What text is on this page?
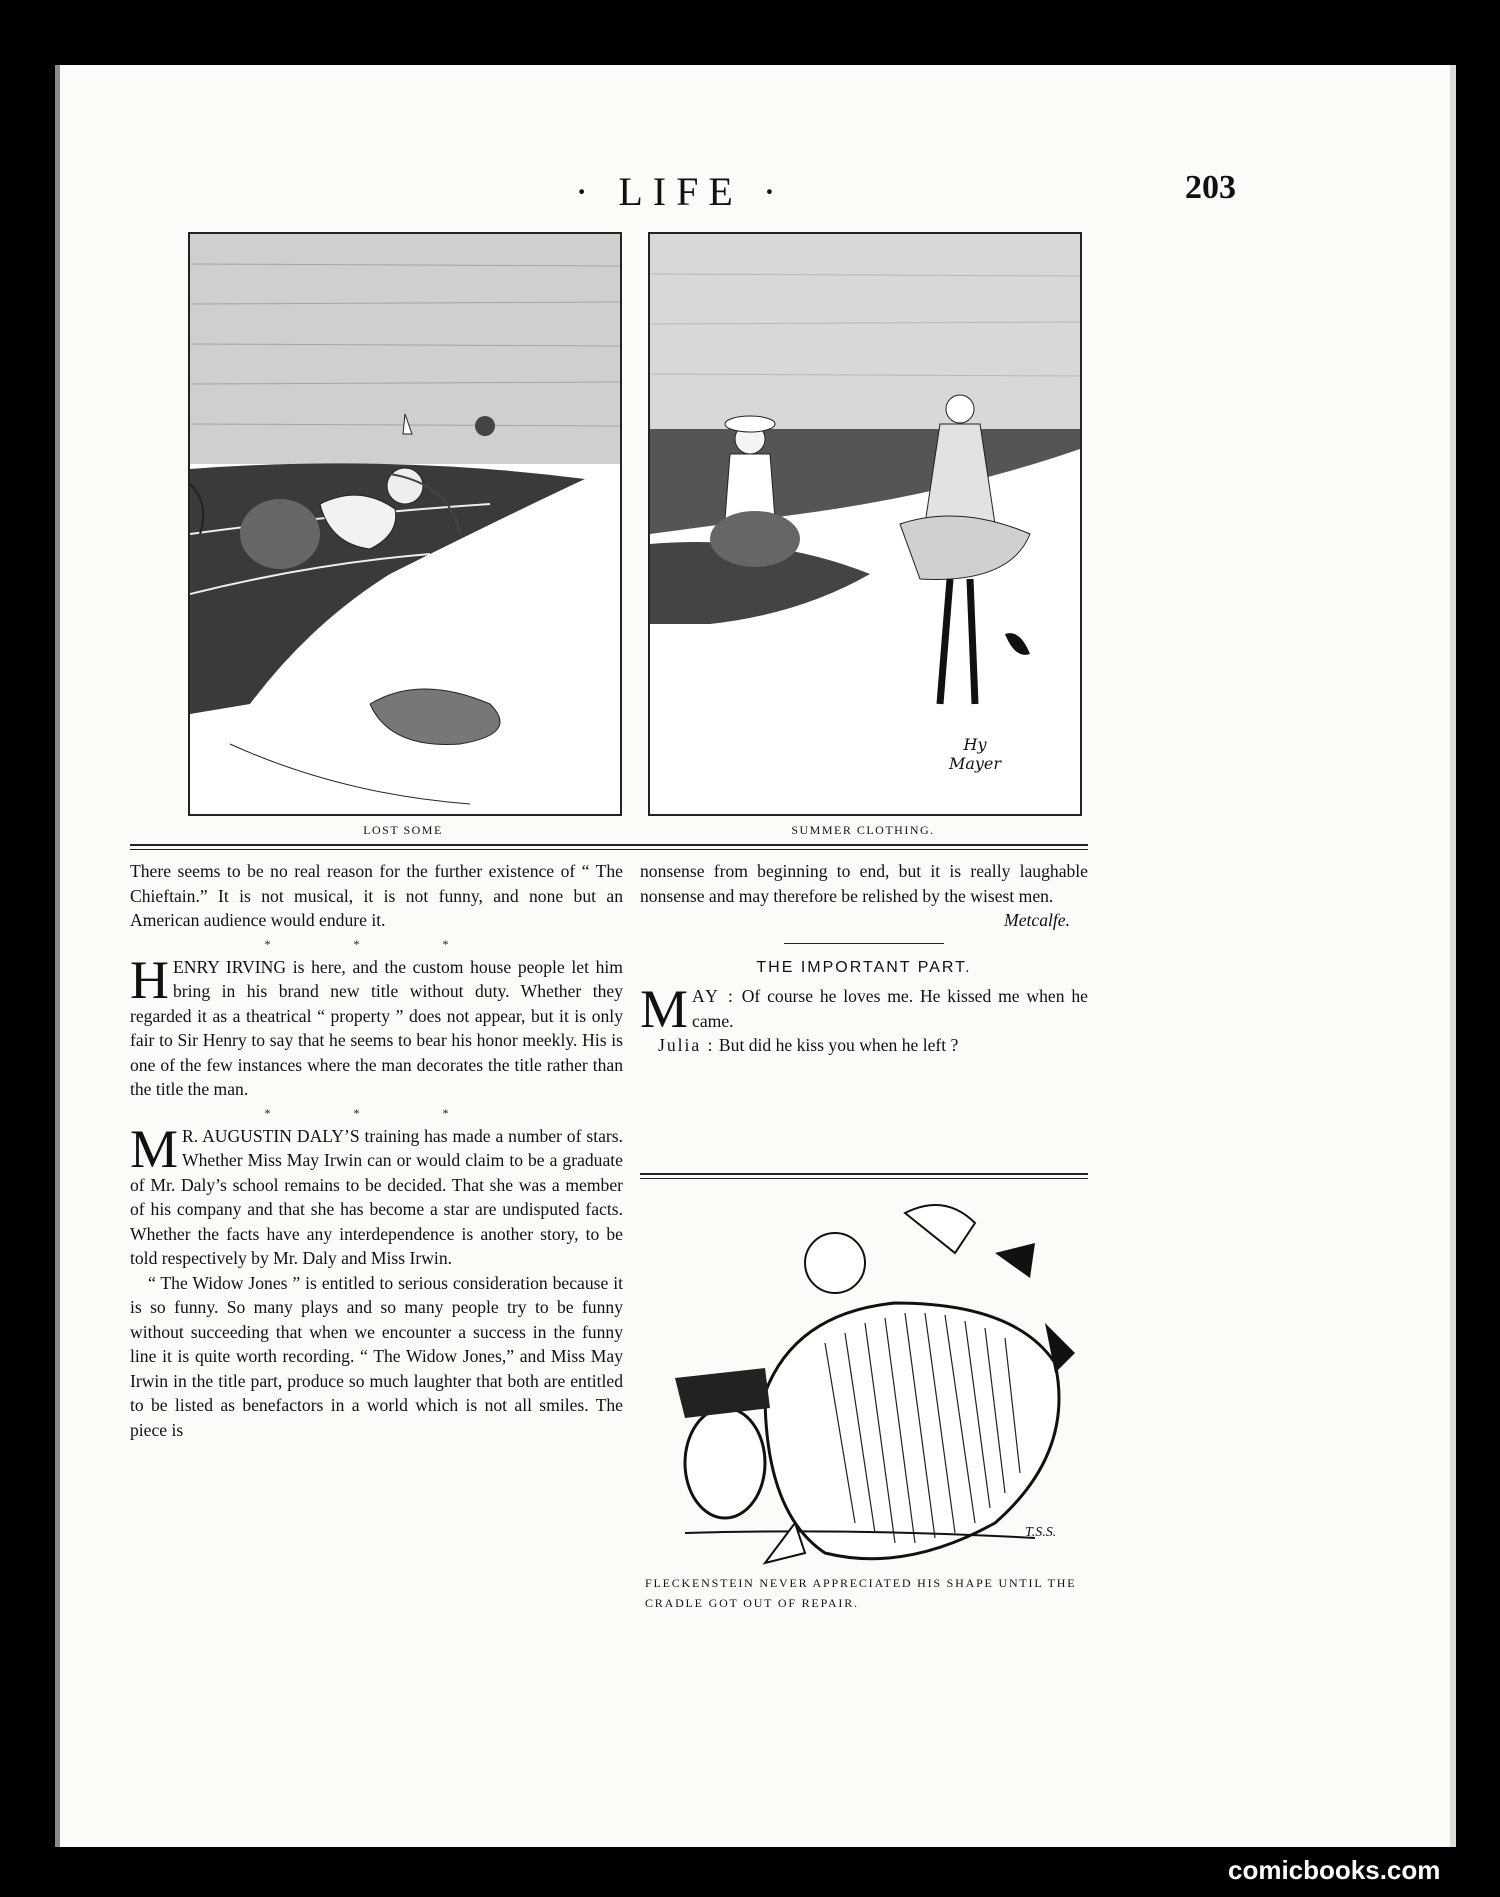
· LIFE ·	203
LOST SOME
Hy Mayer
SUMMER CLOTHING.

There seems to be no real reason for the further existence of “ The Chieftain.” It is not musical, it is not funny, and none but an American audience would endure it.

* * *

H ENRY IRVING is here, and the custom house people let him bring in his brand new title without duty. Whether they regarded it as a theatrical “ property ” does not appear, but it is only fair to Sir Henry to say that he seems to bear his honor meekly. His is one of the few instances where the man decorates the title rather than the title the man.

* * *

M R. AUGUSTIN DALY’S training has made a number of stars. Whether Miss May Irwin can or would claim to be a graduate of Mr. Daly’s school remains to be decided. That she was a member of his company and that she has become a star are undisputed facts. Whether the facts have any interdependence is another story, to be told respectively by Mr. Daly and Miss Irwin.

“ The Widow Jones ” is entitled to serious consideration because it is so funny. So many plays and so many people try to be funny without succeeding that when we encounter a success in the funny line it is quite worth recording. “ The Widow Jones,” and Miss May Irwin in the title part, produce so much laughter that both are entitled to be listed as benefactors in a world which is not all smiles. The piece is

nonsense from beginning to end, but it is really laughable nonsense and may therefore be relished by the wisest men.

Metcalfe.

THE IMPORTANT PART.

M AY : Of course he loves me. He kissed me when he came.

Julia : But did he kiss you when he left ?

T.S.S.
FLECKENSTEIN NEVER APPRECIATED HIS SHAPE UNTIL THE CRADLE GOT OUT OF REPAIR.
comicbooks.com
